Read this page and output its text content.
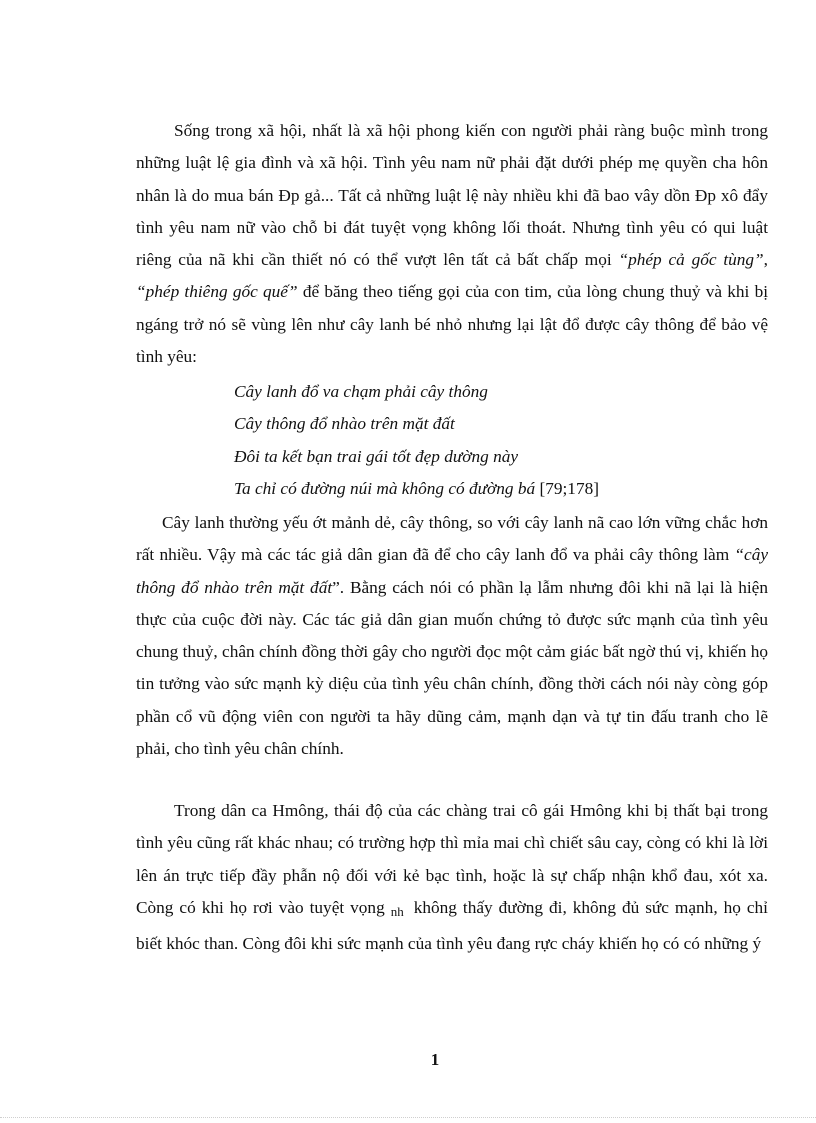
Sống trong xã hội, nhất là xã hội phong kiến con người phải ràng buộc mình trong những luật lệ gia đình và xã hội. Tình yêu nam nữ phải đặt dưới phép mẹ quyền cha hôn nhân là do mua bán Đp gả... Tất cả những luật lệ này nhiều khi đã bao vây dồn Đp xô đẩy tình yêu nam nữ vào chỗ bi đát tuyệt vọng không lối thoát. Nhưng tình yêu có qui luật riêng của nã khi cần thiết nó có thể vượt lên tất cả bất chấp mọi “phép cả gốc tùng”, “phép thiêng gốc quế” để băng theo tiếng gọi của con tim, của lòng chung thuỷ và khi bị ngáng trở nó sẽ vùng lên như cây lanh bé nhỏ nhưng lại lật đổ được cây thông để bảo vệ tình yêu:

Cây lanh đổ va chạm phải cây thông
Cây thông đổ nhào trên mặt đất
Đôi ta kết bạn trai gái tốt đẹp dường này
Ta chỉ có đường núi mà không có đường bá [79;178]

Cây lanh thường yếu ớt mảnh dẻ, cây thông, so với cây lanh nã cao lớn vững chắc hơn rất nhiều. Vậy mà các tác giả dân gian đã để cho cây lanh đổ va phải cây thông làm “cây thông đổ nhào trên mặt đất”. Bằng cách nói có phần lạ lẫm nhưng đôi khi nã lại là hiện thực của cuộc đời này. Các tác giả dân gian muốn chứng tỏ được sức mạnh của tình yêu chung thuỷ, chân chính đồng thời gây cho người đọc một cảm giác bất ngờ thú vị, khiến họ tin tưởng vào sức mạnh kỳ diệu của tình yêu chân chính, đồng thời cách nói này còng góp phần cổ vũ động viên con người ta hãy dũng cảm, mạnh dạn và tự tin đấu tranh cho lẽ phải, cho tình yêu chân chính.

Trong dân ca Hmông, thái độ của các chàng trai cô gái Hmông khi bị thất bại trong tình yêu cũng rất khác nhau; có trường hợp thì mỉa mai chì chiết sâu cay, còng có khi là lời lên án trực tiếp đầy phẫn nộ đối với kẻ bạc tình, hoặc là sự chấp nhận khổ đau, xót xa. Còng có khi họ rơi vào tuyệt vọng nh không thấy đường đi, không đủ sức mạnh, họ chỉ biết khóc than. Còng đôi khi sức mạnh của tình yêu đang rực cháy khiến họ có có những ý

1
